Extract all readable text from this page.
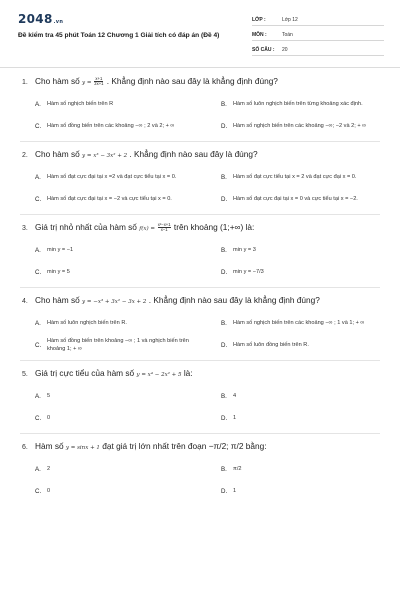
2048.vn
Đề kiểm tra 45 phút Toán 12 Chương 1 Giải tích có đáp án (Đề 4)
LỚP :	Lớp 12
MÔN :	Toán
SỐ CÂU :	20
1. Cho hàm số $y = \frac{x+1}{2x+1}$ . Khẳng định nào sau đây là khẳng định đúng?
A.	Hàm số nghịch biến trên R	B.	Hàm số luôn nghịch biến trên từng khoảng xác định.
C.	Hàm số đồng biến trên các khoảng −∞ ; 2 và 2; + ∞	D.	Hàm số nghịch biến trên các khoảng −∞; −2 và 2; + ∞
2. Cho hàm số y = x³ − 3x² + 2 . Khẳng định nào sau đây là đúng?
A.	Hàm số đạt cực đại tại x =2 và đạt cực tiểu tại x = 0.	B.	Hàm số đạt cực tiểu tại x = 2 và đạt cực đại x = 0.
C.	Hàm số đạt cực đại tại x = −2 và cực tiểu tại x = 0.	D.	Hàm số đạt cực đại tại x = 0 và cực tiểu tại x = −2.
3. Giá trị nhỏ nhất của hàm số $f(x) = \frac{\text{x²−x+1}}{x-1}$ trên khoảng (1;+∞) là:
A.	min y = −1	B.	min y = 3
C.	min y = 5	D.	min y = −7/3
4. Cho hàm số y = −x³ + 3x² − 3x + 2 . Khẳng định nào sau đây là khẳng định đúng?
A.	Hàm số luôn nghịch biến trên R.	B.	Hàm số nghịch biến trên các khoảng −∞ ; 1 và 1; + ∞
C.
Hàm số đồng biến trên khoảng −∞ ; 1 và nghịch biến trên khoảng 1; + ∞
D.	Hàm số luôn đồng biến trên R.
5. Giá trị cực tiểu của hàm số y = x⁴ − 2x² + 5 là:
A.	5	B.	4
C.	0	D.	1
6. Hàm số y = sinx + 1 đạt giá trị lớn nhất trên đoạn −π/2; π/2 bằng:
A.	2	B.	π/2
C.	0	D.	1
